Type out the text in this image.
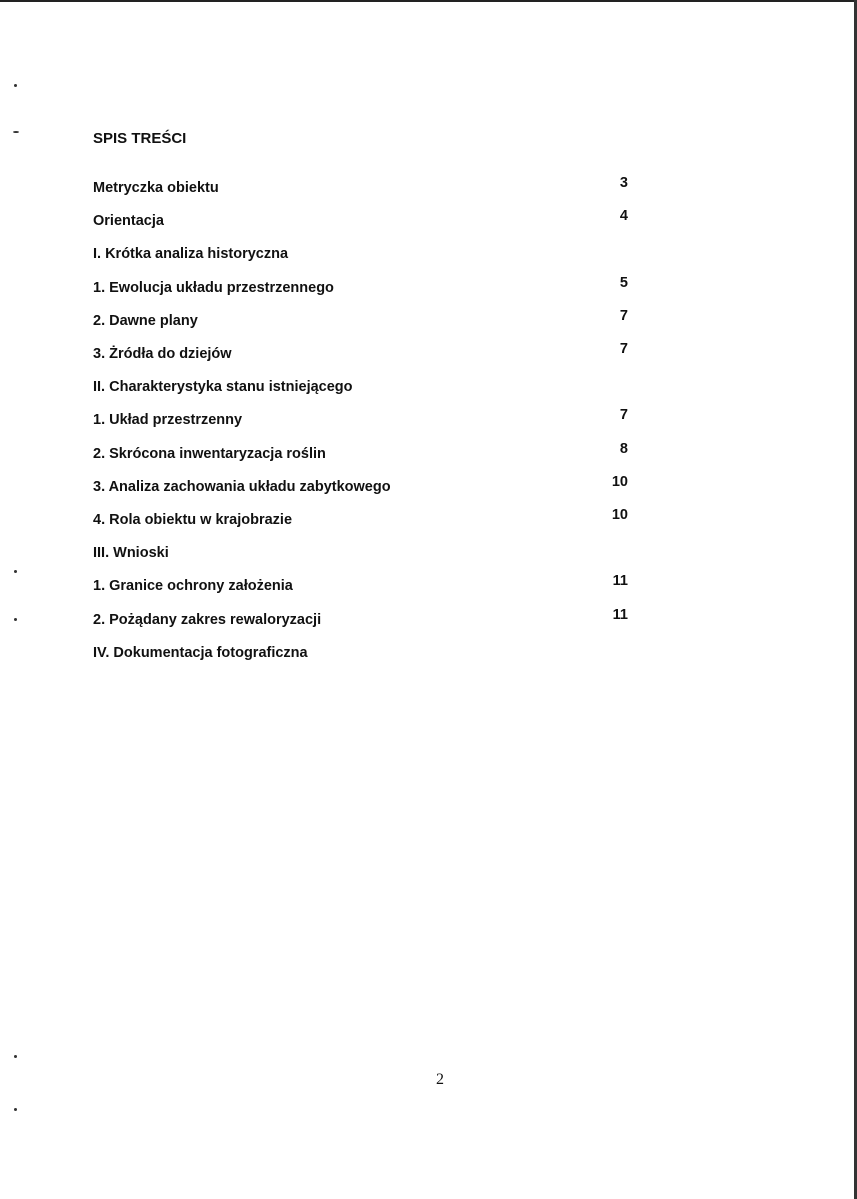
SPIS TREŚCI
Metryczka obiektu	3
Orientacja	4
I. Krótka analiza historyczna
1. Ewolucja układu przestrzennego	5
2. Dawne plany	7
3. Żródła do dziejów	7
II. Charakterystyka stanu istniejącego
1. Układ przestrzenny	7
2. Skrócona inwentaryzacja roślin	8
3. Analiza zachowania układu zabytkowego	10
4. Rola obiektu w krajobrazie	10
III. Wnioski
1. Granice ochrony założenia	11
2. Pożądany zakres rewaloryzacji	11
IV. Dokumentacja fotograficzna
2
